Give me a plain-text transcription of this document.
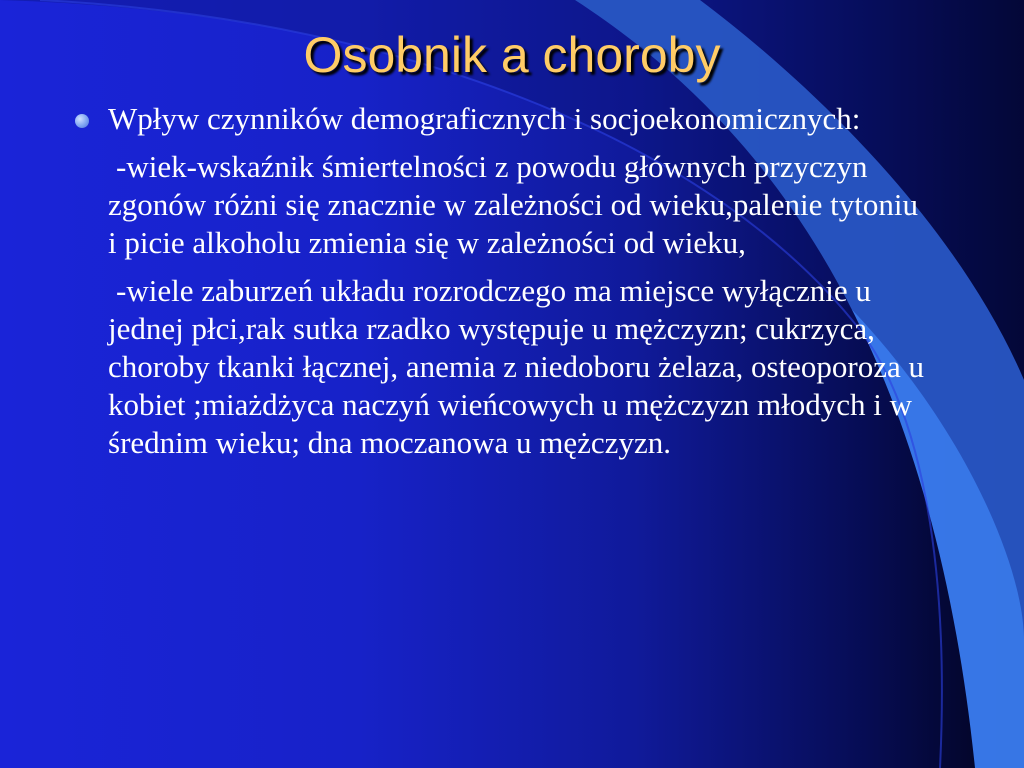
Osobnik a choroby
Wpływ czynników demograficznych i socjoekonomicznych:
-wiek-wskaźnik śmiertelności z powodu głównych przyczyn zgonów różni się znacznie w zależności od wieku,palenie tytoniu i picie alkoholu zmienia się w zależności od wieku,
-wiele zaburzeń układu rozrodczego ma miejsce wyłącznie u jednej płci,rak sutka rzadko występuje u mężczyzn; cukrzyca, choroby tkanki łącznej, anemia z niedoboru żelaza, osteoporoza u kobiet ;miażdżyca naczyń wieńcowych u mężczyzn młodych i w średnim wieku; dna moczanowa u mężczyzn.
